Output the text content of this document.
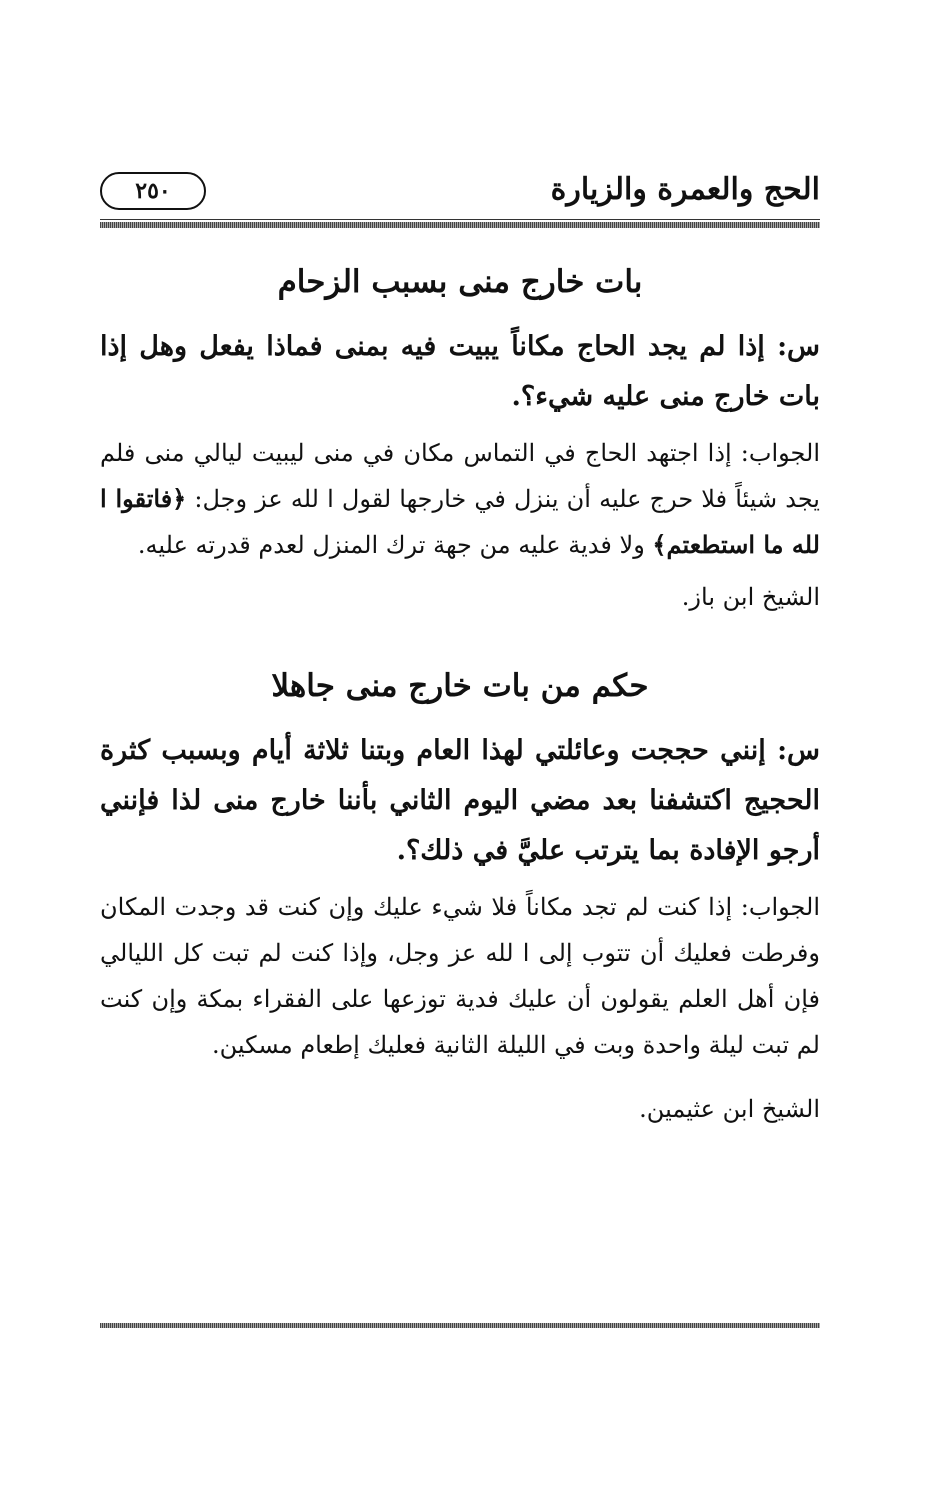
الحج والعمرة والزيارة
٢٥٠
بات خارج منى بسبب الزحام

س: إذا لم يجد الحاج مكاناً يبيت فيه بمنى فماذا يفعل وهل إذا بات خارج منى عليه شيء؟.

الجواب: إذا اجتهد الحاج في التماس مكان في منى ليبيت ليالي منى فلم يجد شيئاً فلا حرج عليه أن ينزل في خارجها لقول ا لله عز وجل: ﴿فاتقوا ا لله ما استطعتم﴾ ولا فدية عليه من جهة ترك المنزل لعدم قدرته عليه.

الشيخ ابن باز.

حكم من بات خارج منى جاهلا

س: إنني حججت وعائلتي لهذا العام وبتنا ثلاثة أيام وبسبب كثرة الحجيج اكتشفنا بعد مضي اليوم الثاني بأننا خارج منى لذا فإنني أرجو الإفادة بما يترتب عليَّ في ذلك؟.

الجواب: إذا كنت لم تجد مكاناً فلا شيء عليك وإن كنت قد وجدت المكان وفرطت فعليك أن تتوب إلى ا لله عز وجل، وإذا كنت لم تبت كل الليالي فإن أهل العلم يقولون أن عليك فدية توزعها على الفقراء بمكة وإن كنت لم تبت ليلة واحدة وبت في الليلة الثانية فعليك إطعام مسكين.

الشيخ ابن عثيمين.
